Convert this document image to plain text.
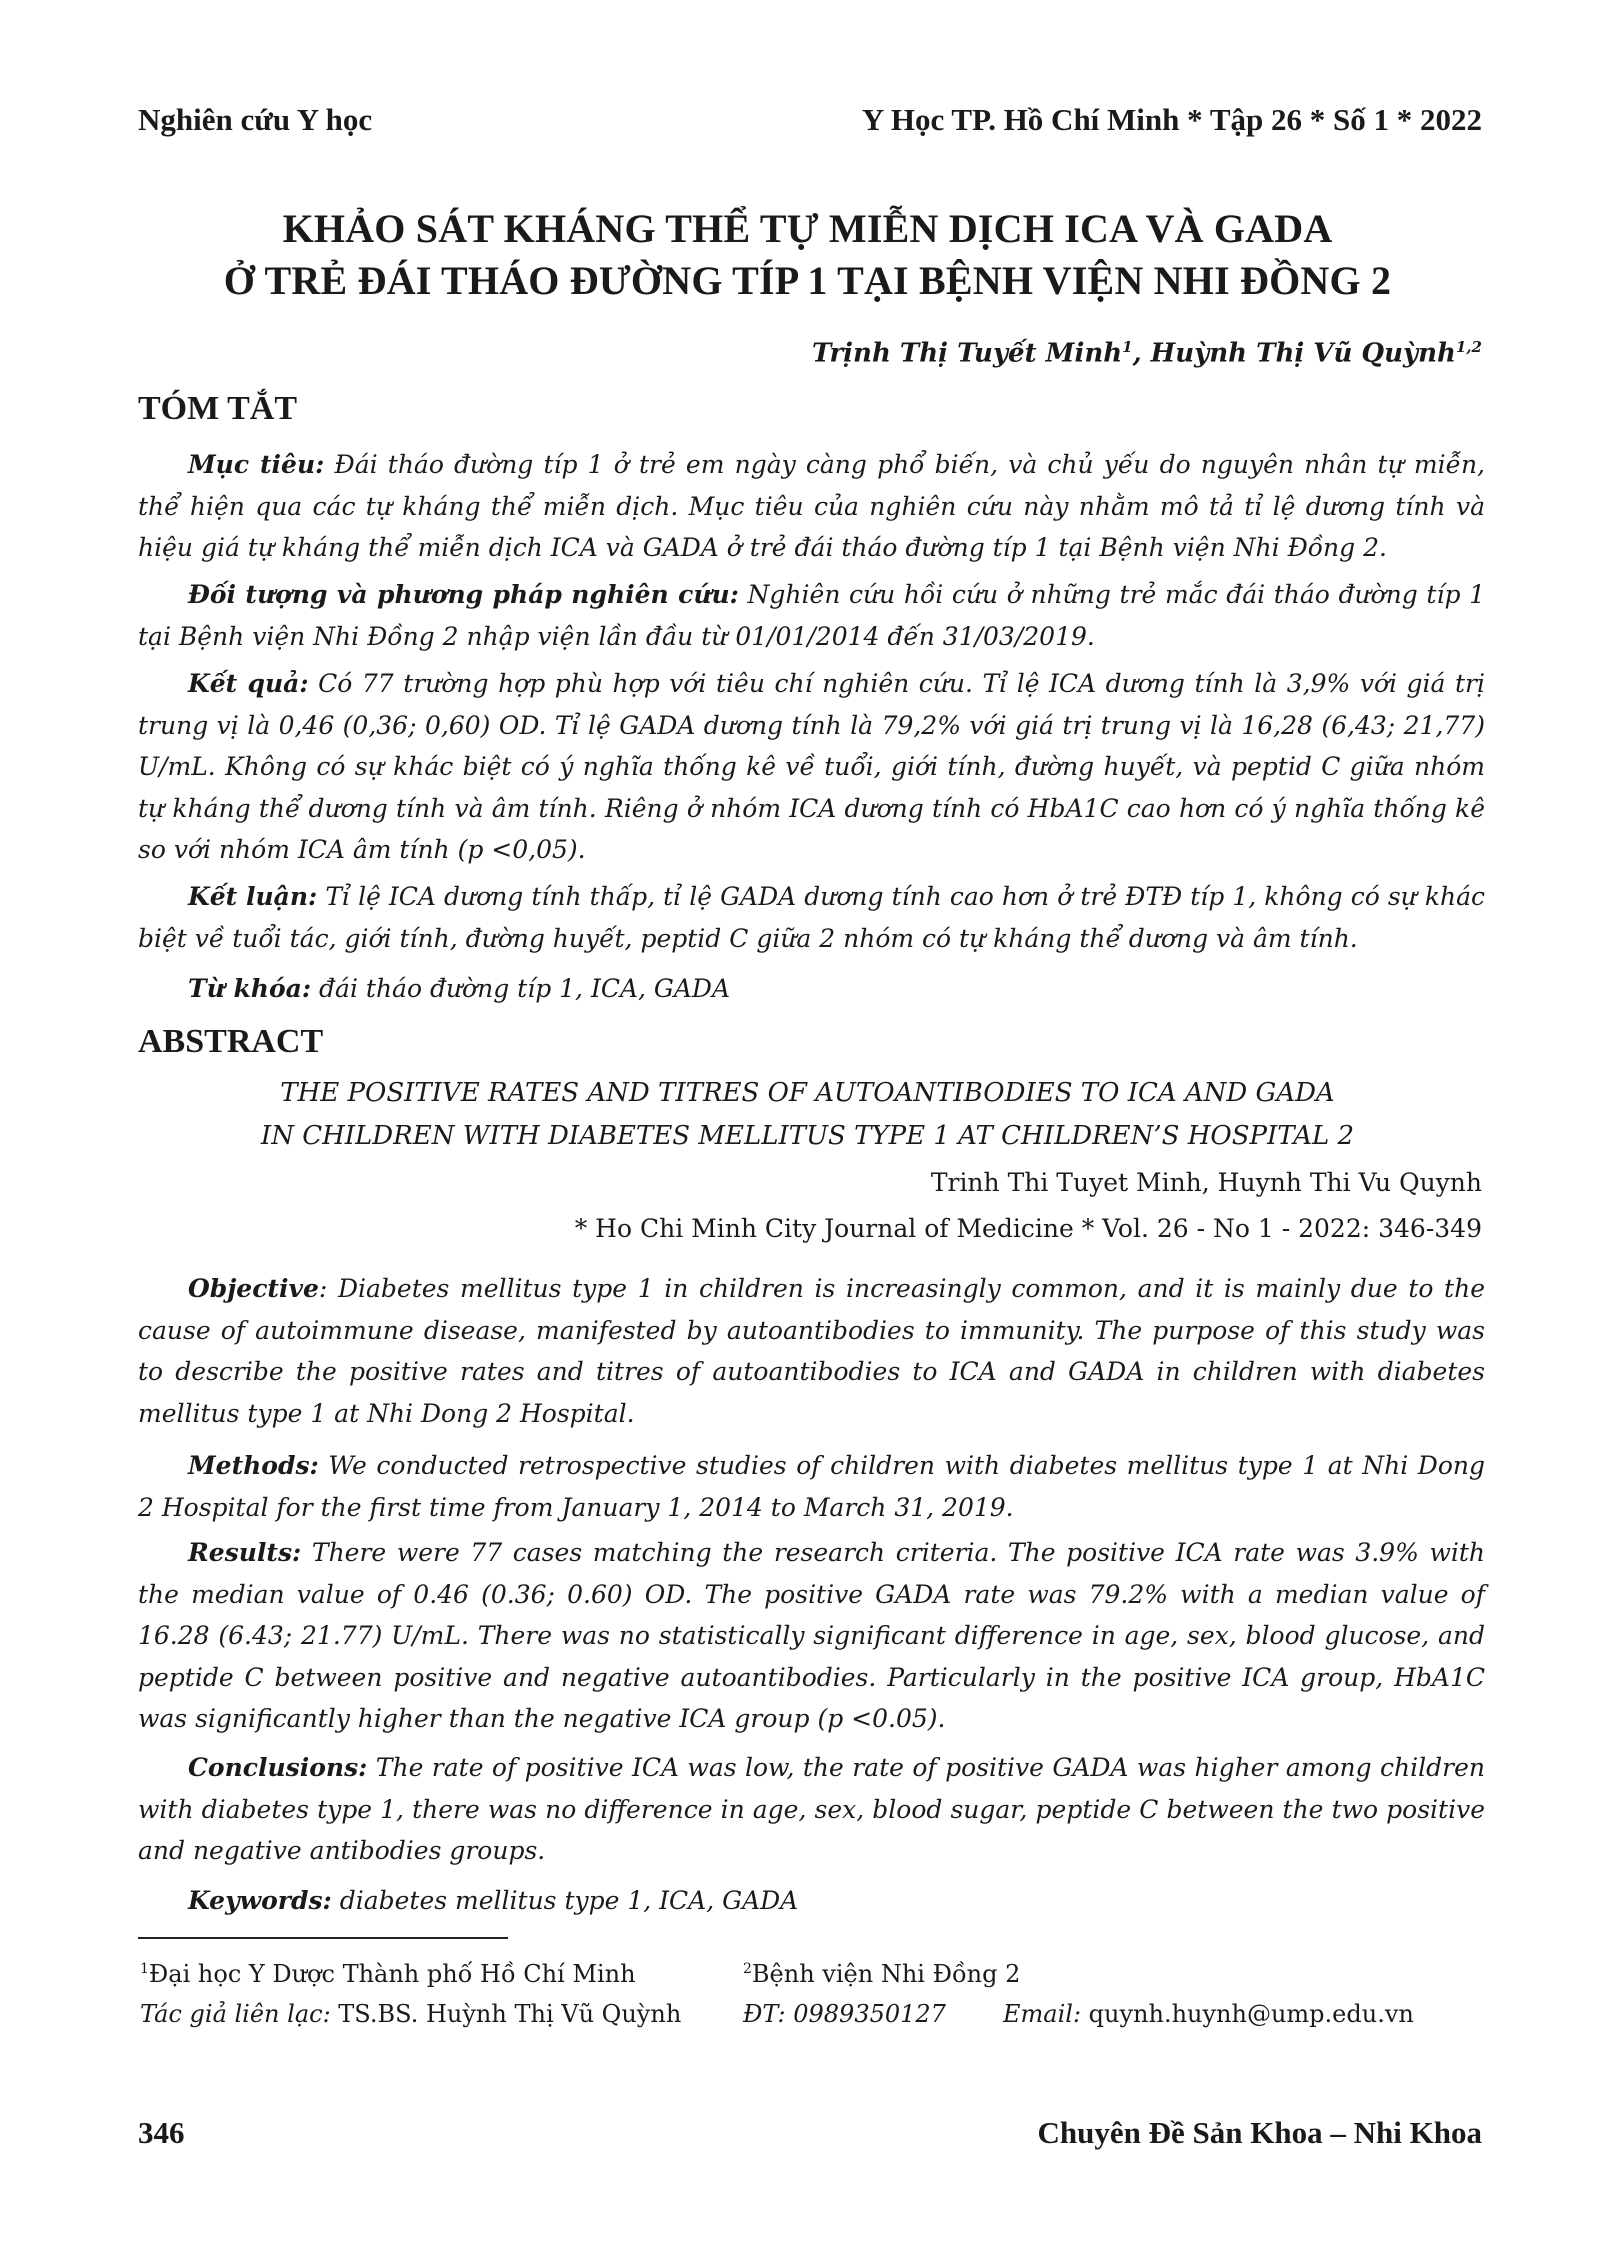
Nghiên cứu Y học	Y Học TP. Hồ Chí Minh * Tập 26 * Số 1 * 2022
KHẢO SÁT KHÁNG THỂ TỰ MIỄN DỊCH ICA VÀ GADA
Ở TRẺ ĐÁI THÁO ĐƯỜNG TÍP 1 TẠI BỆNH VIỆN NHI ĐỒNG 2
Trịnh Thị Tuyết Minh$^1$, Huỳnh Thị Vũ Quỳnh$^{1,2}$
TÓM TẮT
Mục tiêu: Đái tháo đường típ 1 ở trẻ em ngày càng phổ biến, và chủ yếu do nguyên nhân tự miễn, thể hiện qua các tự kháng thể miễn dịch. Mục tiêu của nghiên cứu này nhằm mô tả tỉ lệ dương tính và hiệu giá tự kháng thể miễn dịch ICA và GADA ở trẻ đái tháo đường típ 1 tại Bệnh viện Nhi Đồng 2.
Đối tượng và phương pháp nghiên cứu: Nghiên cứu hồi cứu ở những trẻ mắc đái tháo đường típ 1 tại Bệnh viện Nhi Đồng 2 nhập viện lần đầu từ 01/01/2014 đến 31/03/2019.
Kết quả: Có 77 trường hợp phù hợp với tiêu chí nghiên cứu. Tỉ lệ ICA dương tính là 3,9% với giá trị trung vị là 0,46 (0,36; 0,60) OD. Tỉ lệ GADA dương tính là 79,2% với giá trị trung vị là 16,28 (6,43; 21,77) U/mL. Không có sự khác biệt có ý nghĩa thống kê về tuổi, giới tính, đường huyết, và peptid C giữa nhóm tự kháng thể dương tính và âm tính. Riêng ở nhóm ICA dương tính có HbA1C cao hơn có ý nghĩa thống kê so với nhóm ICA âm tính (p <0,05).
Kết luận: Tỉ lệ ICA dương tính thấp, tỉ lệ GADA dương tính cao hơn ở trẻ ĐTĐ típ 1, không có sự khác biệt về tuổi tác, giới tính, đường huyết, peptid C giữa 2 nhóm có tự kháng thể dương và âm tính.
Từ khóa: đái tháo đường típ 1, ICA, GADA
ABSTRACT
THE POSITIVE RATES AND TITRES OF AUTOANTIBODIES TO ICA AND GADA
IN CHILDREN WITH DIABETES MELLITUS TYPE 1 AT CHILDREN’S HOSPITAL 2
Trinh Thi Tuyet Minh, Huynh Thi Vu Quynh
* Ho Chi Minh City Journal of Medicine * Vol. 26 - No 1 - 2022: 346-349
Objective: Diabetes mellitus type 1 in children is increasingly common, and it is mainly due to the cause of autoimmune disease, manifested by autoantibodies to immunity. The purpose of this study was to describe the positive rates and titres of autoantibodies to ICA and GADA in children with diabetes mellitus type 1 at Nhi Dong 2 Hospital.
Methods: We conducted retrospective studies of children with diabetes mellitus type 1 at Nhi Dong 2 Hospital for the first time from January 1, 2014 to March 31, 2019.
Results: There were 77 cases matching the research criteria. The positive ICA rate was 3.9% with the median value of 0.46 (0.36; 0.60) OD. The positive GADA rate was 79.2% with a median value of 16.28 (6.43; 21.77) U/mL. There was no statistically significant difference in age, sex, blood glucose, and peptide C between positive and negative autoantibodies. Particularly in the positive ICA group, HbA1C was significantly higher than the negative ICA group (p <0.05).
Conclusions: The rate of positive ICA was low, the rate of positive GADA was higher among children with diabetes type 1, there was no difference in age, sex, blood sugar, peptide C between the two positive and negative antibodies groups.
Keywords: diabetes mellitus type 1, ICA, GADA
$^1$Đại học Y Dược Thành phố Hồ Chí Minh	$^2$Bệnh viện Nhi Đồng 2
Tác giả liên lạc: TS.BS. Huỳnh Thị Vũ Quỳnh	ĐT: 0989350127 Email: quynh.huynh@ump.edu.vn
346	Chuyên Đề Sản Khoa – Nhi Khoa
